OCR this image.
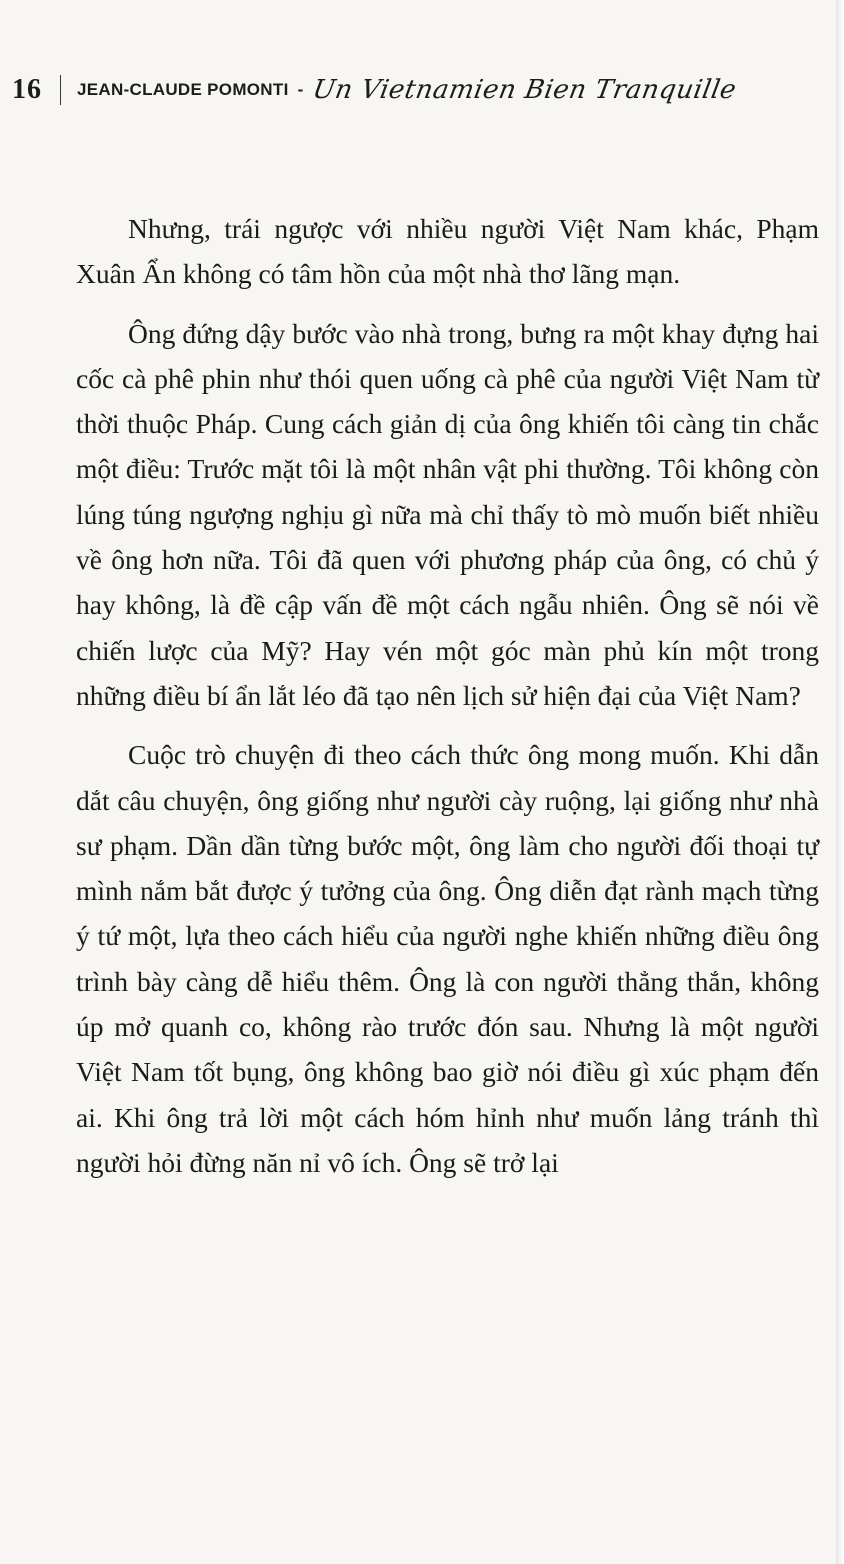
16 JEAN-CLAUDE POMONTI - Un Vietnamien Bien Tranquille

Nhưng, trái ngược với nhiều người Việt Nam khác, Phạm Xuân Ẩn không có tâm hồn của một nhà thơ lãng mạn.

Ông đứng dậy bước vào nhà trong, bưng ra một khay đựng hai cốc cà phê phin như thói quen uống cà phê của người Việt Nam từ thời thuộc Pháp. Cung cách giản dị của ông khiến tôi càng tin chắc một điều: Trước mặt tôi là một nhân vật phi thường. Tôi không còn lúng túng ngượng nghịu gì nữa mà chỉ thấy tò mò muốn biết nhiều về ông hơn nữa. Tôi đã quen với phương pháp của ông, có chủ ý hay không, là đề cập vấn đề một cách ngẫu nhiên. Ông sẽ nói về chiến lược của Mỹ? Hay vén một góc màn phủ kín một trong những điều bí ẩn lắt léo đã tạo nên lịch sử hiện đại của Việt Nam?

Cuộc trò chuyện đi theo cách thức ông mong muốn. Khi dẫn dắt câu chuyện, ông giống như người cày ruộng, lại giống như nhà sư phạm. Dần dần từng bước một, ông làm cho người đối thoại tự mình nắm bắt được ý tưởng của ông. Ông diễn đạt rành mạch từng ý tứ một, lựa theo cách hiểu của người nghe khiến những điều ông trình bày càng dễ hiểu thêm. Ông là con người thẳng thắn, không úp mở quanh co, không rào trước đón sau. Nhưng là một người Việt Nam tốt bụng, ông không bao giờ nói điều gì xúc phạm đến ai. Khi ông trả lời một cách hóm hỉnh như muốn lảng tránh thì người hỏi đừng năn nỉ vô ích. Ông sẽ trở lại
